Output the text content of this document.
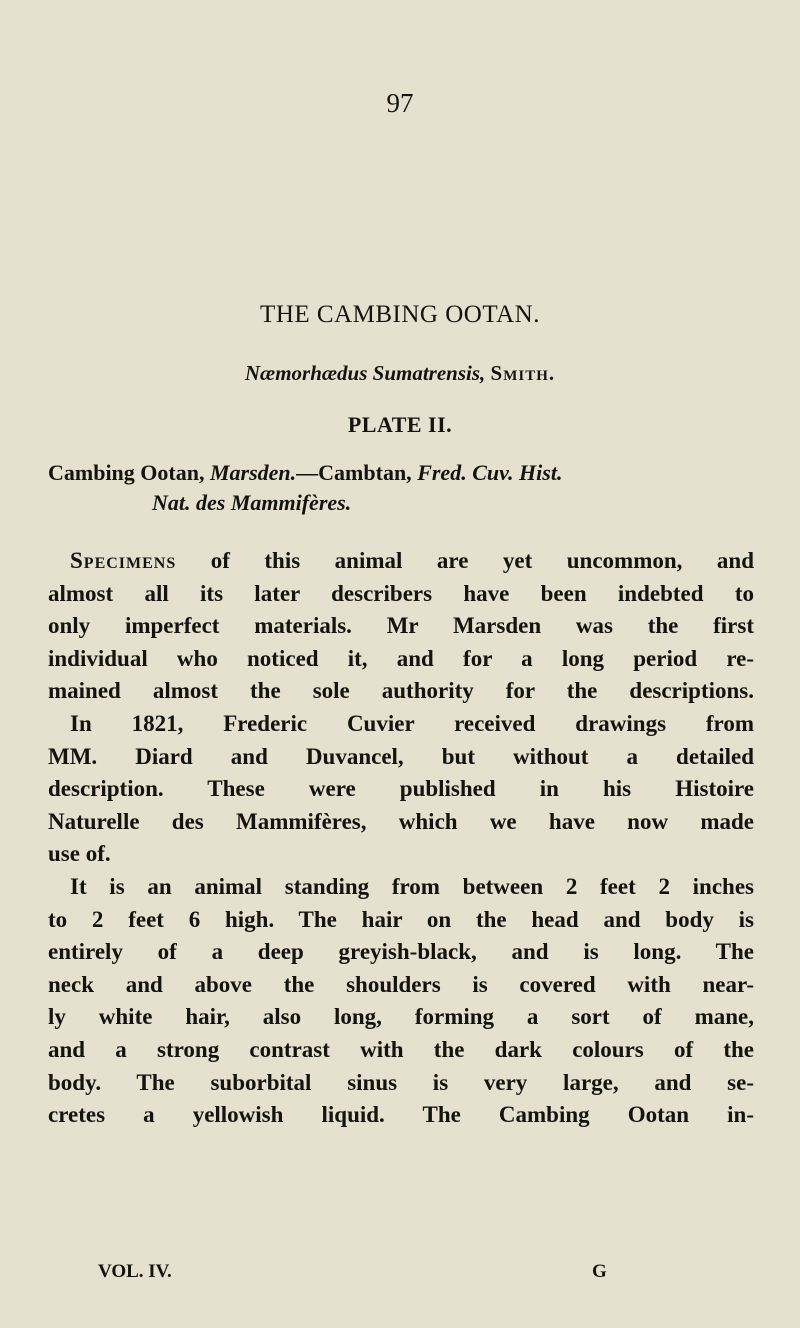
97
THE CAMBING OOTAN.
Næmorhædus Sumatrensis, Smith.
PLATE II.
Cambing Ootan, Marsden.—Cambtan, Fred. Cuv. Hist.
Nat. des Mammifères.
Specimens of this animal are yet uncommon, and
almost all its later describers have been indebted to
only imperfect materials. Mr Marsden was the first
individual who noticed it, and for a long period re-
mained almost the sole authority for the descriptions.
In 1821, Frederic Cuvier received drawings from
MM. Diard and Duvancel, but without a detailed
description. These were published in his Histoire
Naturelle des Mammifères, which we have now made
use of.
It is an animal standing from between 2 feet 2 inches
to 2 feet 6 high. The hair on the head and body is
entirely of a deep greyish-black, and is long. The
neck and above the shoulders is covered with near-
ly white hair, also long, forming a sort of mane,
and a strong contrast with the dark colours of the
body. The suborbital sinus is very large, and se-
cretes a yellowish liquid. The Cambing Ootan in-
VOL. IV.	G
